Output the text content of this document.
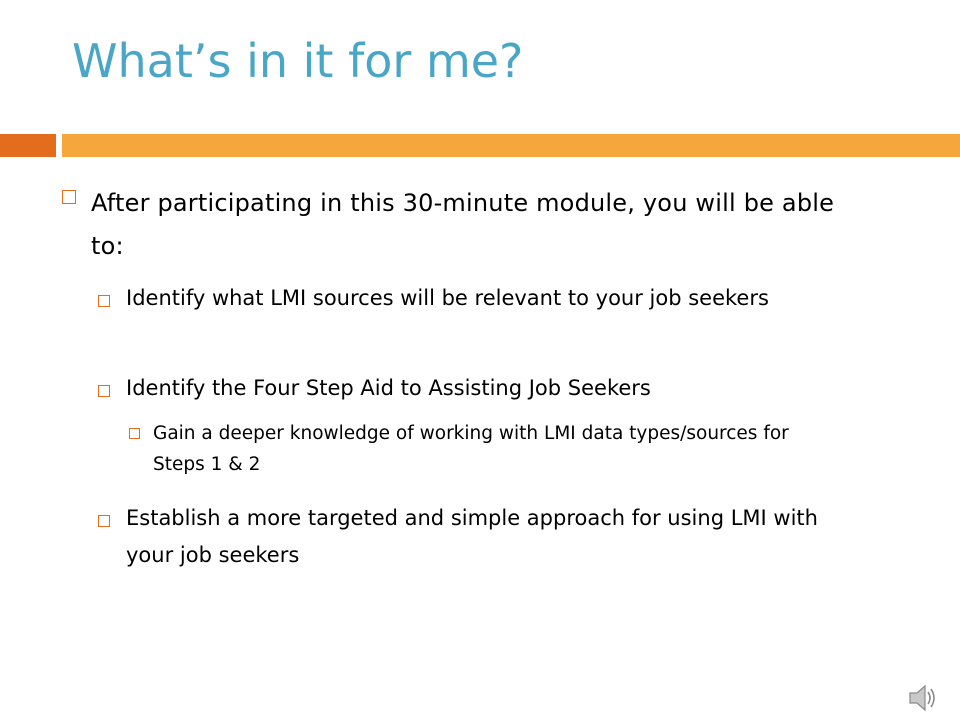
What’s in it for me?
After participating in this 30-minute module, you will be able to:
Identify what LMI sources will be relevant to your job seekers
Identify the Four Step Aid to Assisting Job Seekers
Gain a deeper knowledge of working with LMI data types/sources for Steps 1 & 2
Establish a more targeted and simple approach for using LMI with your job seekers
